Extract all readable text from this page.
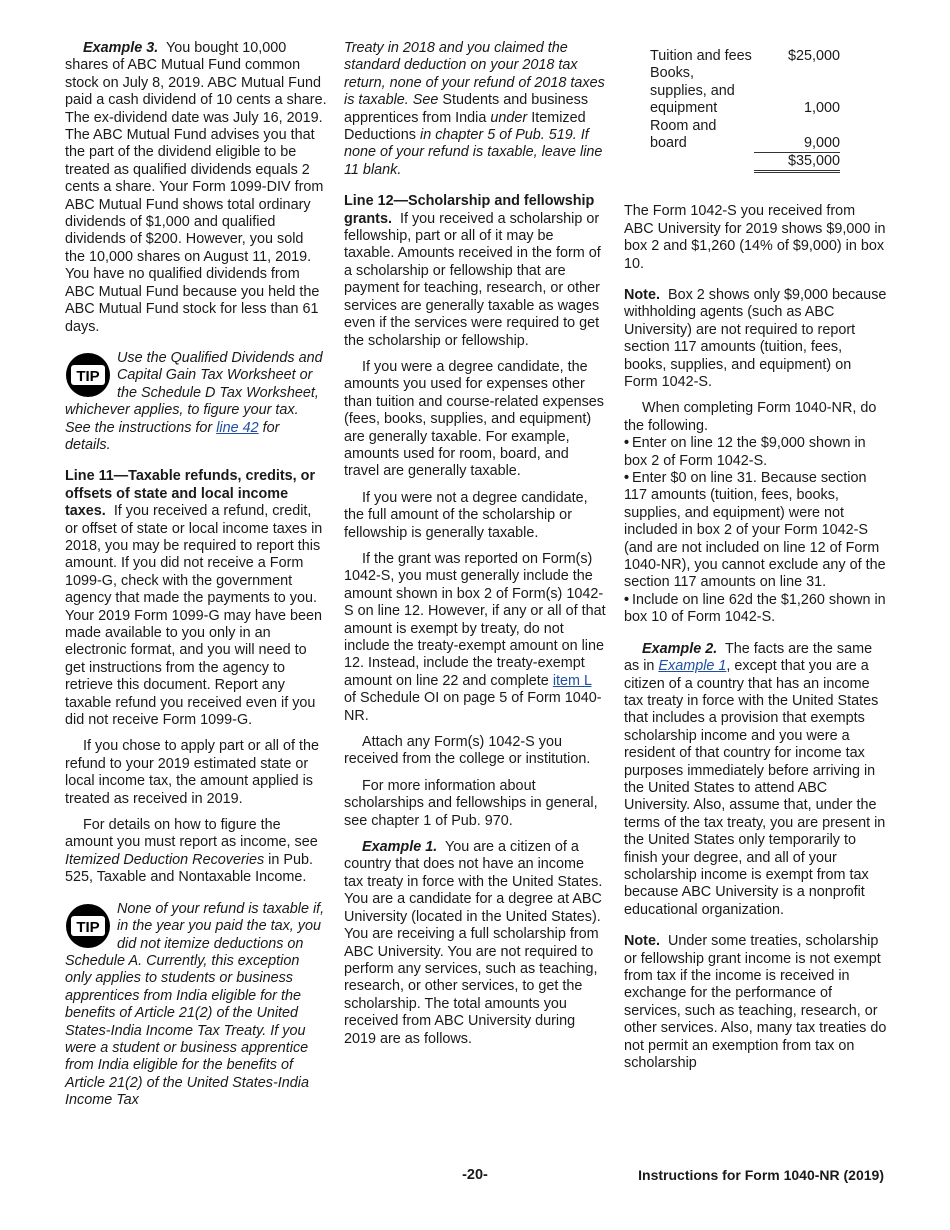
Example 3. You bought 10,000 shares of ABC Mutual Fund common stock on July 8, 2019. ABC Mutual Fund paid a cash dividend of 10 cents a share. The ex-dividend date was July 16, 2019. The ABC Mutual Fund advises you that the part of the dividend eligible to be treated as qualified dividends equals 2 cents a share. Your Form 1099-DIV from ABC Mutual Fund shows total ordinary dividends of $1,000 and qualified dividends of $200. However, you sold the 10,000 shares on August 11, 2019. You have no qualified dividends from ABC Mutual Fund because you held the ABC Mutual Fund stock for less than 61 days.

TIP

Use the Qualified Dividends and Capital Gain Tax Worksheet or the Schedule D Tax Worksheet, whichever applies, to figure your tax. See the instructions for line 42 for details.

Line 11—Taxable refunds, credits, or offsets of state and local income taxes. If you received a refund, credit, or offset of state or local income taxes in 2018, you may be required to report this amount. If you did not receive a Form 1099-G, check with the government agency that made the payments to you. Your 2019 Form 1099-G may have been made available to you only in an electronic format, and you will need to get instructions from the agency to retrieve this document. Report any taxable refund you received even if you did not receive Form 1099-G.

If you chose to apply part or all of the refund to your 2019 estimated state or local income tax, the amount applied is treated as received in 2019.

For details on how to figure the amount you must report as income, see Itemized Deduction Recoveries in Pub. 525, Taxable and Nontaxable Income.

TIP

None of your refund is taxable if, in the year you paid the tax, you did not itemize deductions on Schedule A. Currently, this exception only applies to students or business apprentices from India eligible for the benefits of Article 21(2) of the United States-India Income Tax Treaty. If you were a student or business apprentice from India eligible for the benefits of Article 21(2) of the United States-India Income Tax

Treaty in 2018 and you claimed the standard deduction on your 2018 tax return, none of your refund of 2018 taxes is taxable. See Students and business apprentices from India under Itemized Deductions in chapter 5 of Pub. 519. If none of your refund is taxable, leave line 11 blank.

Line 12—Scholarship and fellowship grants. If you received a scholarship or fellowship, part or all of it may be taxable. Amounts received in the form of a scholarship or fellowship that are payment for teaching, research, or other services are generally taxable as wages even if the services were required to get the scholarship or fellowship.

If you were a degree candidate, the amounts you used for expenses other than tuition and course-related expenses (fees, books, supplies, and equipment) are generally taxable. For example, amounts used for room, board, and travel are generally taxable.

If you were not a degree candidate, the full amount of the scholarship or fellowship is generally taxable.

If the grant was reported on Form(s) 1042-S, you must generally include the amount shown in box 2 of Form(s) 1042-S on line 12. However, if any or all of that amount is exempt by treaty, do not include the treaty-exempt amount on line 12. Instead, include the treaty-exempt amount on line 22 and complete item L of Schedule OI on page 5 of Form 1040-NR.

Attach any Form(s) 1042-S you received from the college or institution.

For more information about scholarships and fellowships in general, see chapter 1 of Pub. 970.

Example 1. You are a citizen of a country that does not have an income tax treaty in force with the United States. You are a candidate for a degree at ABC University (located in the United States). You are receiving a full scholarship from ABC University. You are not required to perform any services, such as teaching, research, or other services, to get the scholarship. The total amounts you received from ABC University during 2019 are as follows.

Tuition and fees	$25,000
Books, supplies, and equipment	1,000
Room and board	9,000
	$35,000

The Form 1042-S you received from ABC University for 2019 shows $9,000 in box 2 and $1,260 (14% of $9,000) in box 10.

Note. Box 2 shows only $9,000 because withholding agents (such as ABC University) are not required to report section 117 amounts (tuition, fees, books, supplies, and equipment) on Form 1042-S.

When completing Form 1040-NR, do the following.

• Enter on line 12 the $9,000 shown in box 2 of Form 1042-S.

• Enter $0 on line 31. Because section 117 amounts (tuition, fees, books, supplies, and equipment) were not included in box 2 of your Form 1042-S (and are not included on line 12 of Form 1040-NR), you cannot exclude any of the section 117 amounts on line 31.

• Include on line 62d the $1,260 shown in box 10 of Form 1042-S.

Example 2. The facts are the same as in Example 1, except that you are a citizen of a country that has an income tax treaty in force with the United States that includes a provision that exempts scholarship income and you were a resident of that country for income tax purposes immediately before arriving in the United States to attend ABC University. Also, assume that, under the terms of the tax treaty, you are present in the United States only temporarily to finish your degree, and all of your scholarship income is exempt from tax because ABC University is a nonprofit educational organization.

Note. Under some treaties, scholarship or fellowship grant income is not exempt from tax if the income is received in exchange for the performance of services, such as teaching, research, or other services. Also, many tax treaties do not permit an exemption from tax on scholarship

-20-	Instructions for Form 1040-NR (2019)
